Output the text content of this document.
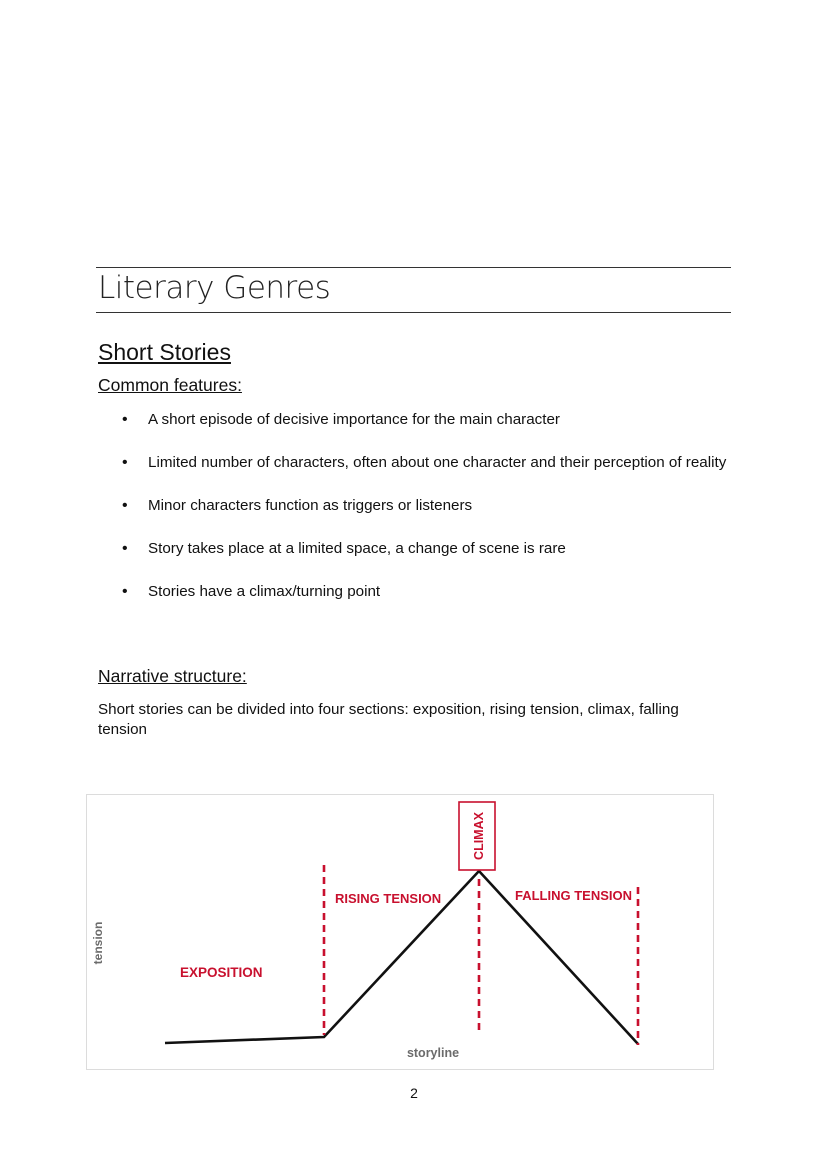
Literary Genres
Short Stories
Common features:
• A short episode of decisive importance for the main character
• Limited number of characters, often about one character and their perception of reality
• Minor characters function as triggers or listeners
• Story takes place at a limited space, a change of scene is rare
• Stories have a climax/turning point
Narrative structure:
Short stories can be divided into four sections: exposition, rising tension, climax, falling tension
CLIMAX
EXPOSITION
RISING TENSION	FALLING TENSION
tension
storyline
2
